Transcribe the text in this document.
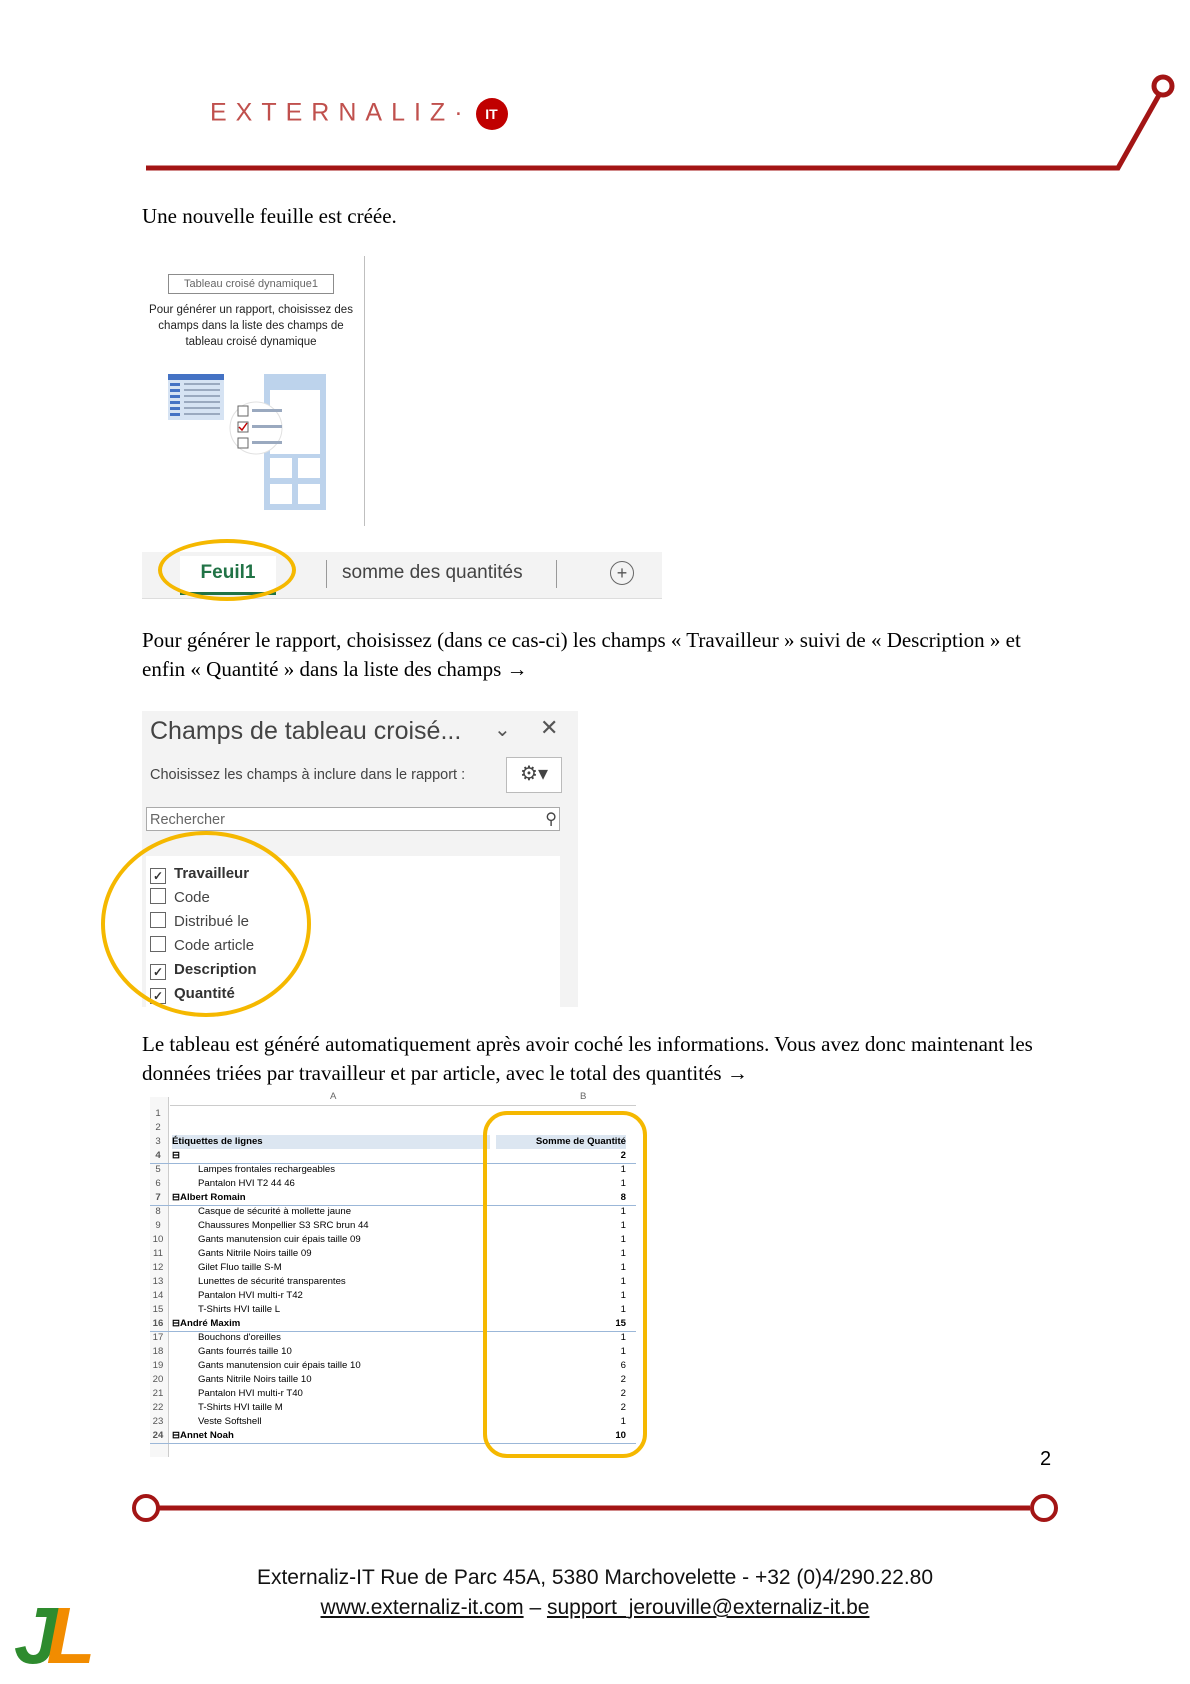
EXTERNALIZ· IT
Une nouvelle feuille est créée.
Tableau croisé dynamique1
Pour générer un rapport, choisissez des champs dans la liste des champs de tableau croisé dynamique
Feuil1	somme des quantités	+
Pour générer le rapport, choisissez (dans ce cas-ci) les champs « Travailleur » suivi de « Description » et enfin « Quantité » dans la liste des champs →
Champs de tableau croisé... ⌄ ✕
Choisissez les champs à inclure dans le rapport :	⚙▾
Rechercher	⚲
✓ Travailleur
Code
Distribué le
Code article
✓ Description
✓ Quantité
Le tableau est généré automatiquement après avoir coché les informations. Vous avez donc maintenant les données triées par travailleur et par article, avec le total des quantités →
A	B
1
2
3	Étiquettes de lignes	Somme de Quantité
4	⊟	2
5	Lampes frontales rechargeables	1
6	Pantalon HVI T2 44 46	1
7	⊟Albert Romain	8
8	Casque de sécurité à mollette jaune	1
9	Chaussures Monpellier S3 SRC brun 44	1
10	Gants manutension cuir épais taille 09	1
11	Gants Nitrile Noirs taille 09	1
12	Gilet Fluo taille S-M	1
13	Lunettes de sécurité transparentes	1
14	Pantalon HVI multi-r T42	1
15	T-Shirts HVI taille L	1
16 ⊟André Maxim	15
17	Bouchons d'oreilles	1
18	Gants fourrés taille 10	1
19	Gants manutension cuir épais taille 10	6
20	Gants Nitrile Noirs taille 10	2
21	Pantalon HVI multi-r T40	2
22	T-Shirts HVI taille M	2
23	Veste Softshell	1
24 ⊟Annet Noah	10
2
Externaliz-IT Rue de Parc 45A, 5380 Marchovelette - +32 (0)4/290.22.80
www.externaliz-it.com – support_jerouville@externaliz-it.be
JL
